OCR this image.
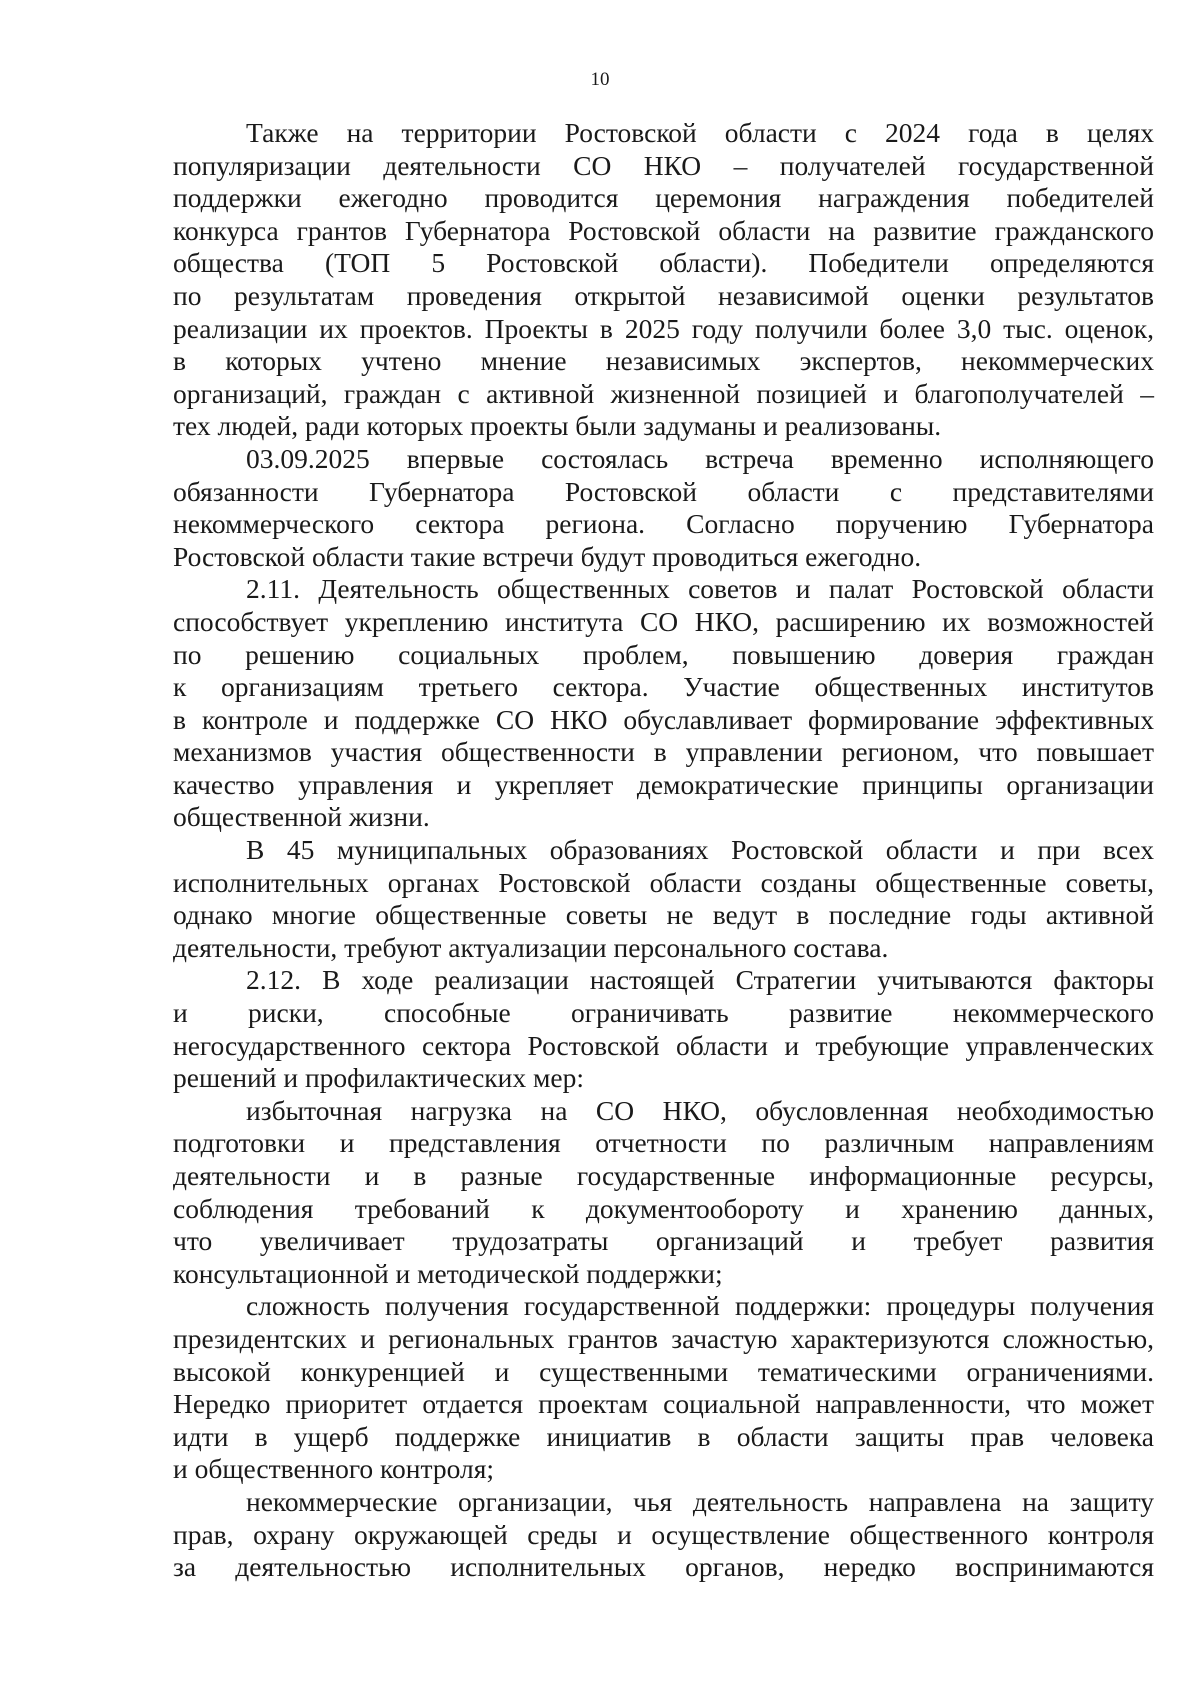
10
Также на территории Ростовской области с 2024 года в целях
популяризации деятельности СО НКО – получателей государственной
поддержки ежегодно проводится церемония награждения победителей
конкурса грантов Губернатора Ростовской области на развитие гражданского
общества (ТОП 5 Ростовской области). Победители определяются
по результатам проведения открытой независимой оценки результатов
реализации их проектов. Проекты в 2025 году получили более 3,0 тыс. оценок,
в которых учтено мнение независимых экспертов, некоммерческих
организаций, граждан с активной жизненной позицией и благополучателей –
тех людей, ради которых проекты были задуманы и реализованы.
03.09.2025 впервые состоялась встреча временно исполняющего
обязанности Губернатора Ростовской области с представителями
некоммерческого сектора региона. Согласно поручению Губернатора
Ростовской области такие встречи будут проводиться ежегодно.
2.11. Деятельность общественных советов и палат Ростовской области
способствует укреплению института СО НКО, расширению их возможностей
по решению социальных проблем, повышению доверия граждан
к организациям третьего сектора. Участие общественных институтов
в контроле и поддержке СО НКО обуславливает формирование эффективных
механизмов участия общественности в управлении регионом, что повышает
качество управления и укрепляет демократические принципы организации
общественной жизни.
В 45 муниципальных образованиях Ростовской области и при всех
исполнительных органах Ростовской области созданы общественные советы,
однако многие общественные советы не ведут в последние годы активной
деятельности, требуют актуализации персонального состава.
2.12. В ходе реализации настоящей Стратегии учитываются факторы
и риски, способные ограничивать развитие некоммерческого
негосударственного сектора Ростовской области и требующие управленческих
решений и профилактических мер:
избыточная нагрузка на СО НКО, обусловленная необходимостью
подготовки и представления отчетности по различным направлениям
деятельности и в разные государственные информационные ресурсы,
соблюдения требований к документообороту и хранению данных,
что увеличивает трудозатраты организаций и требует развития
консультационной и методической поддержки;
сложность получения государственной поддержки: процедуры получения
президентских и региональных грантов зачастую характеризуются сложностью,
высокой конкуренцией и существенными тематическими ограничениями.
Нередко приоритет отдается проектам социальной направленности, что может
идти в ущерб поддержке инициатив в области защиты прав человека
и общественного контроля;
некоммерческие организации, чья деятельность направлена на защиту
прав, охрану окружающей среды и осуществление общественного контроля
за деятельностью исполнительных органов, нередко воспринимаются
